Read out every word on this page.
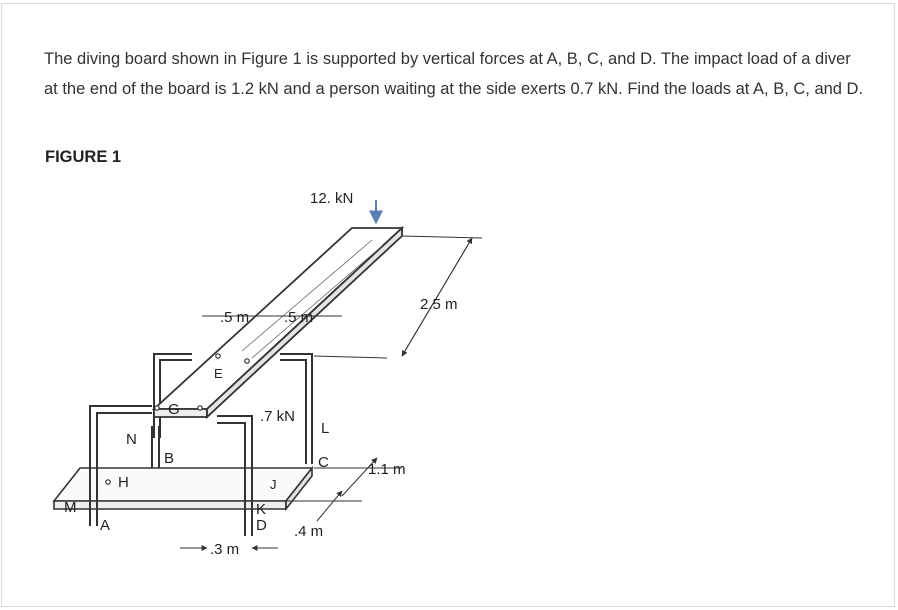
The diving board shown in Figure 1 is supported by vertical forces at A, B, C, and D. The impact load of a diver at the end of the board is 1.2 kN and a person waiting at the side exerts 0.7 kN. Find the loads at A, B, C, and D.

FIGURE 1

12. kN
2.5 m
.5 m .5 m
E
G	.7 kN
L
N
B	C	1.1 m
H	J
M
A
K
D .4 m
.3 m
